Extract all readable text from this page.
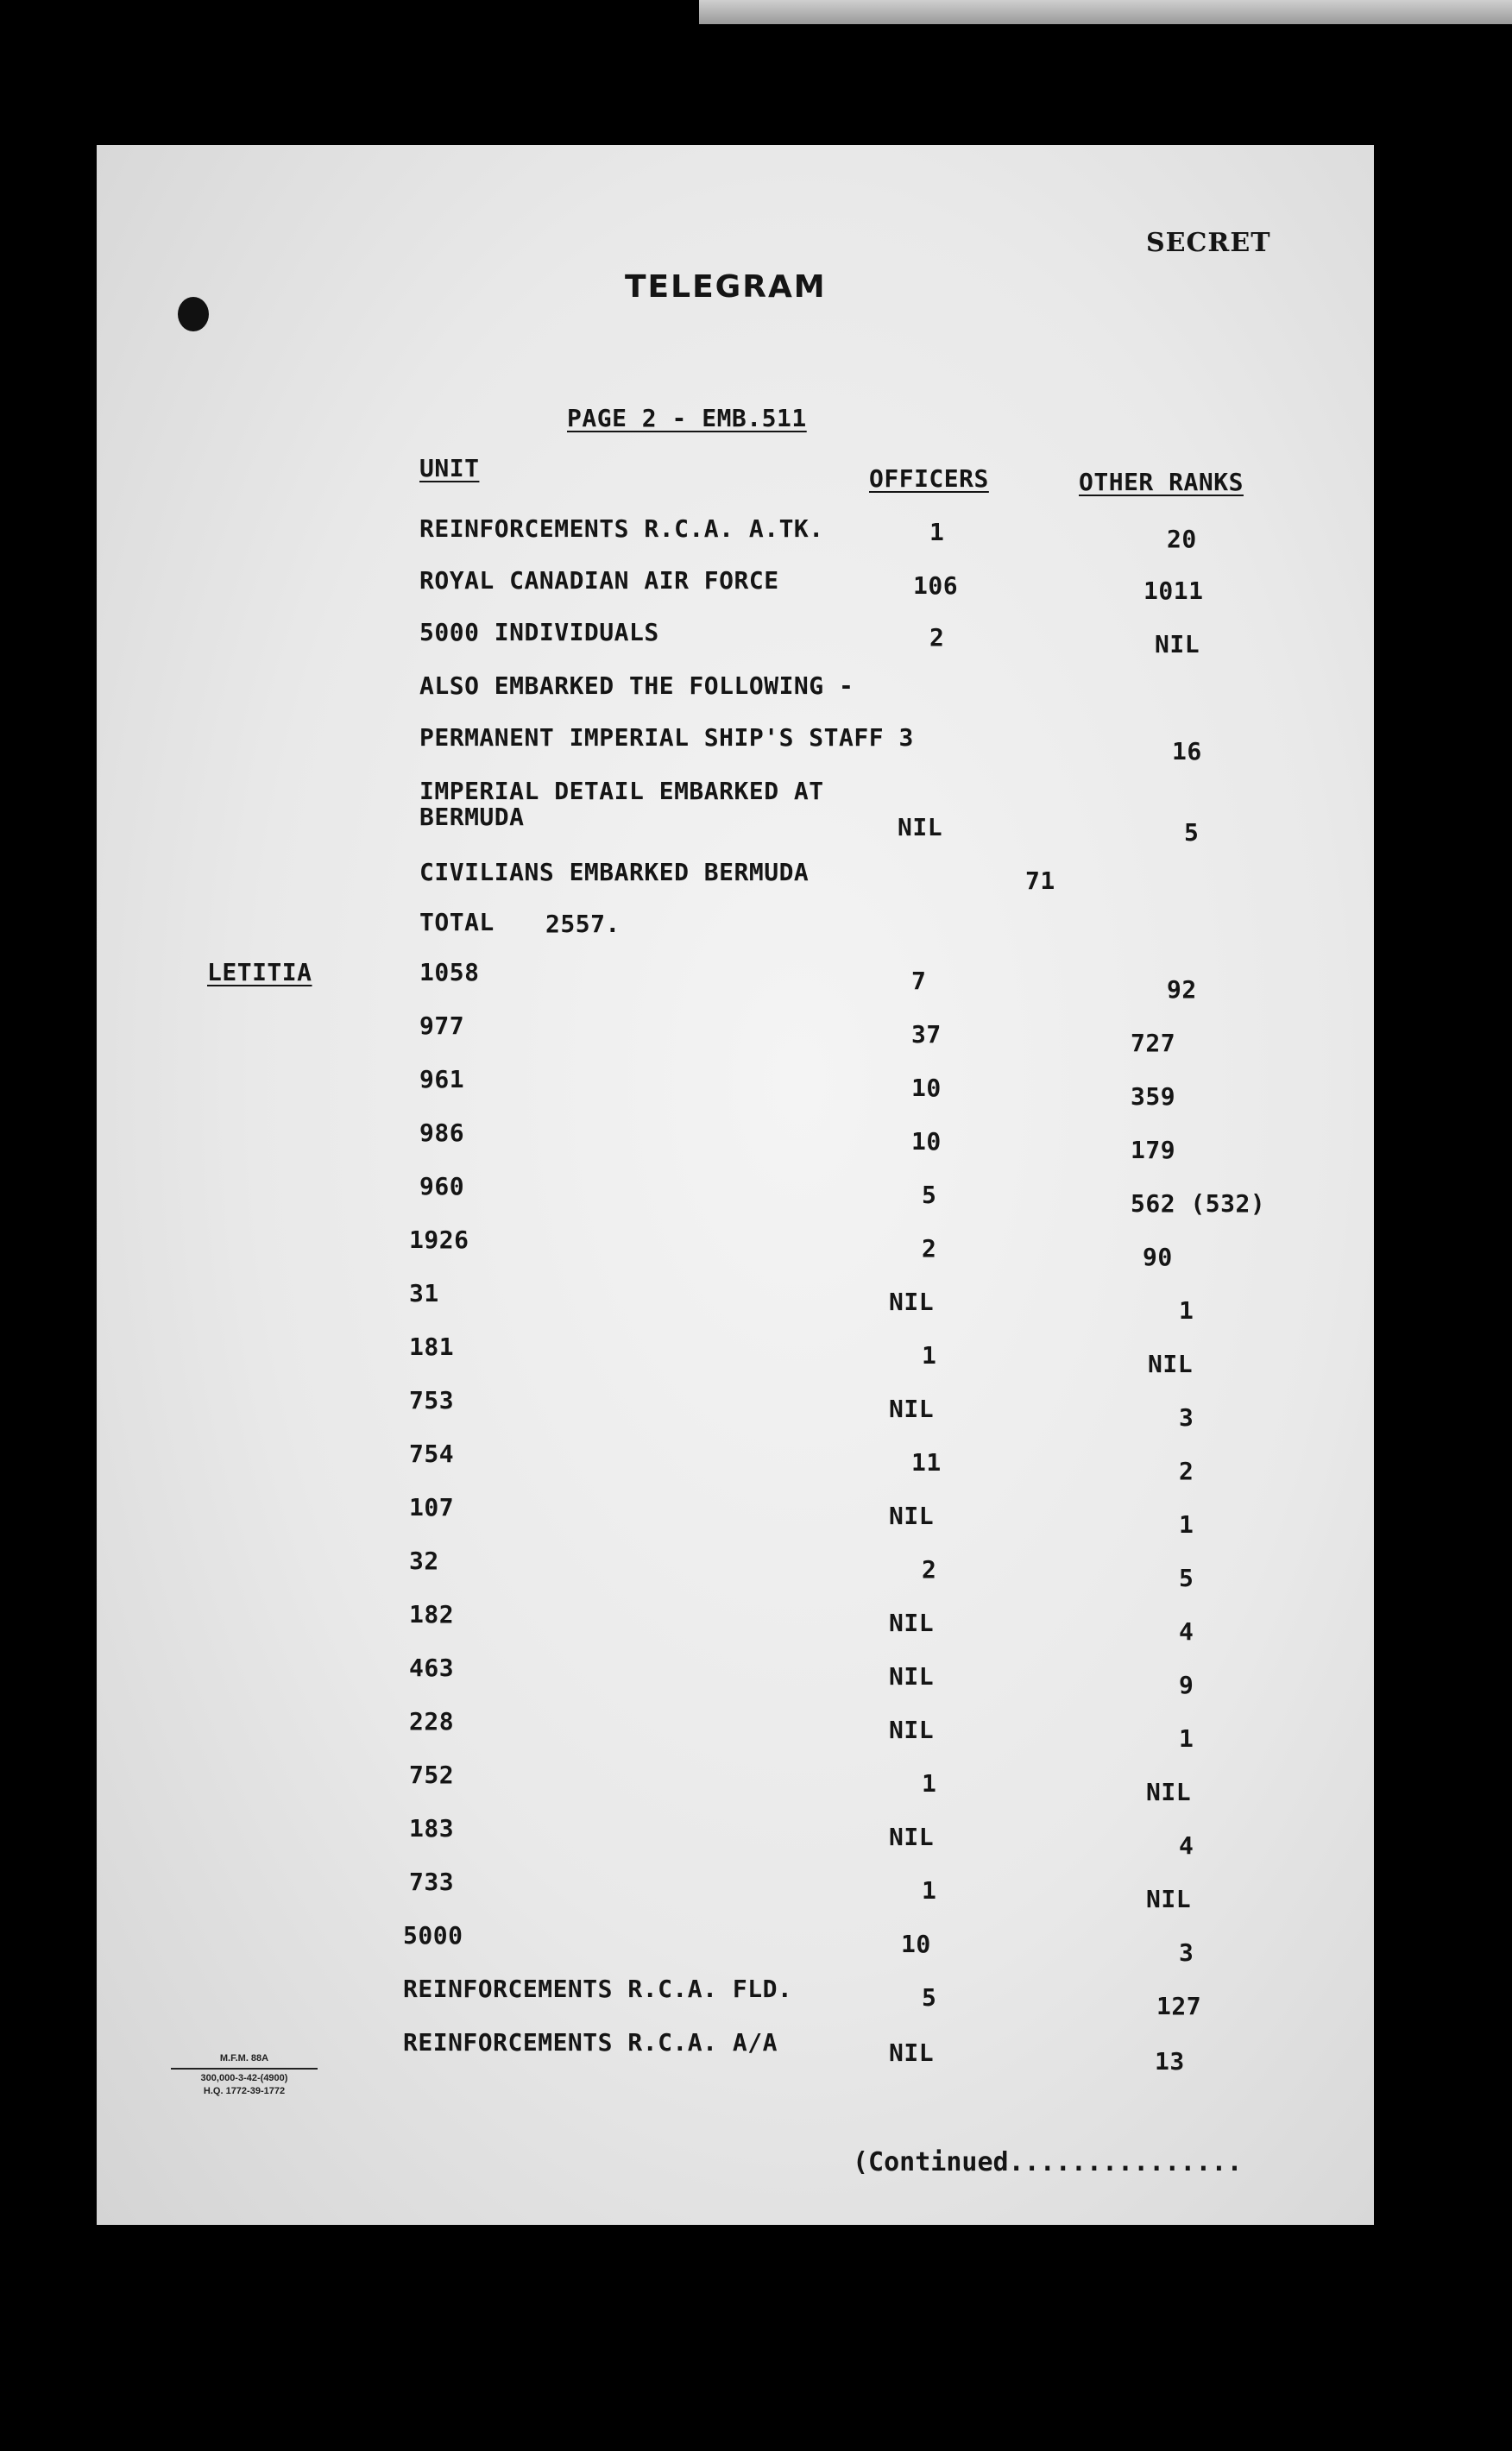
SECRET
TELEGRAM
PAGE 2 - EMB.511
UNIT	OFFICERS	OTHER RANKS
REINFORCEMENTS R.C.A. A.TK.	1	20
ROYAL CANADIAN AIR FORCE	106	1011
5000 INDIVIDUALS	2	NIL
ALSO EMBARKED THE FOLLOWING -
PERMANENT IMPERIAL SHIP'S STAFF 3	16
IMPERIAL DETAIL EMBARKED AT BERMUDA	NIL	5
CIVILIANS EMBARKED BERMUDA	71
TOTAL 2557.
LETITIA	1058	7	92
977	37	727
961	10	359
986	10	179
960	5	562 (532)
1926	2	90
31	NIL	1
181	1	NIL
753	NIL	3
754	11	2
107	NIL	1
32	2	5
182	NIL	4
463	NIL	9
228	NIL	1
752	1	NIL
183	NIL	4
733	1	NIL
5000	10	3
REINFORCEMENTS R.C.A. FLD.	5	127
REINFORCEMENTS R.C.A. A/A	NIL	13
M.F.M. 88A
300,000-3-42-(4900)
H.Q. 1772-39-1772
(Continued...............
